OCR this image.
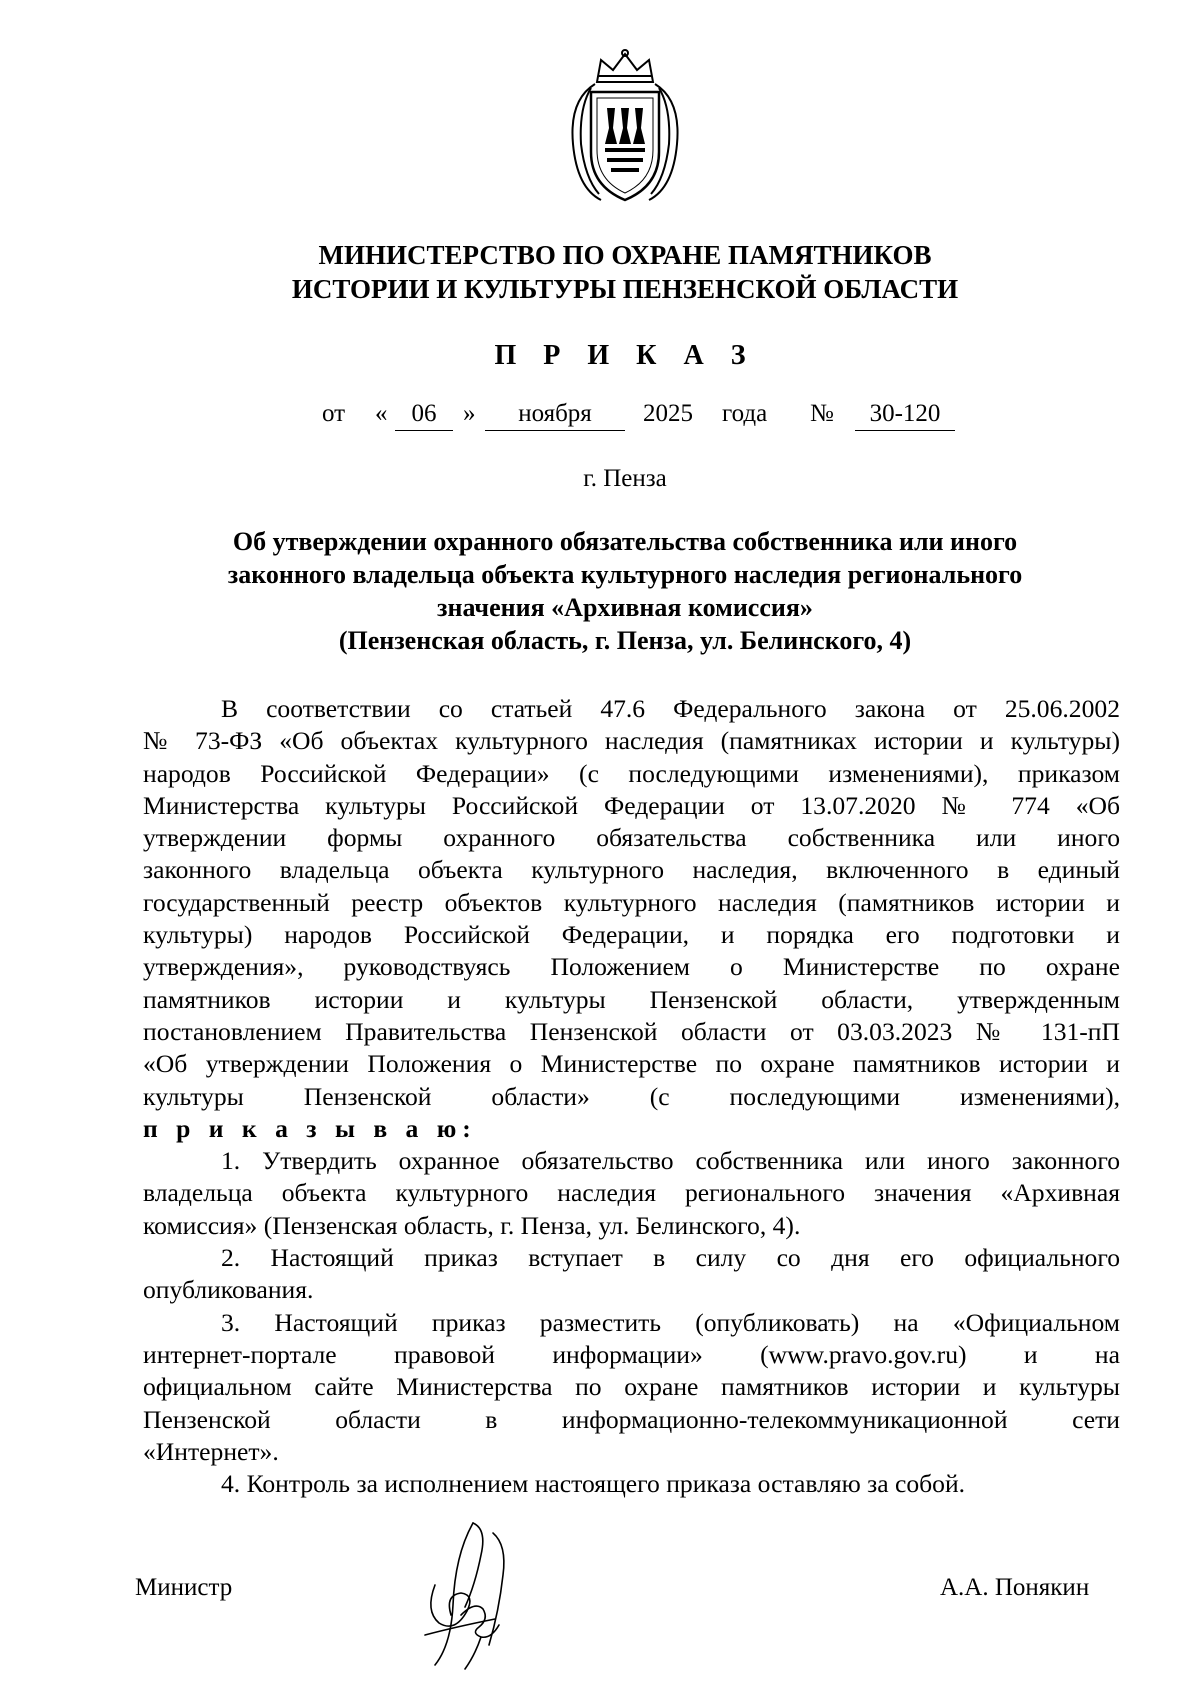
МИНИСТЕРСТВО ПО ОХРАНЕ ПАМЯТНИКОВ
ИСТОРИИ И КУЛЬТУРЫ ПЕНЗЕНСКОЙ ОБЛАСТИ
П Р И К А З
от « 06	»	ноября	2025 года №	30-120
г. Пенза
Об утверждении охранного обязательства собственника или иного
законного владельца объекта культурного наследия регионального
значения «Архивная комиссия»
(Пензенская область, г. Пенза, ул. Белинского, 4)
В соответствии со статьей 47.6 Федерального закона от 25.06.2002
№ 73-ФЗ «Об объектах культурного наследия (памятниках истории и культуры)
народов Российской Федерации» (с последующими изменениями), приказом
Министерства культуры Российской Федерации от 13.07.2020 № 774 «Об
утверждении формы охранного обязательства собственника или иного
законного владельца объекта культурного наследия, включенного в единый
государственный реестр объектов культурного наследия (памятников истории и
культуры) народов Российской Федерации, и порядка его подготовки и
утверждения», руководствуясь Положением о Министерстве по охране
памятников истории и культуры Пензенской области, утвержденным
постановлением Правительства Пензенской области от 03.03.2023 № 131-пП
«Об утверждении Положения о Министерстве по охране памятников истории и
культуры Пензенской области» (с последующими изменениями),
п р и к а з ы в а ю:
1. Утвердить охранное обязательство собственника или иного законного
владельца объекта культурного наследия регионального значения «Архивная
комиссия» (Пензенская область, г. Пенза, ул. Белинского, 4).
2. Настоящий приказ вступает в силу со дня его официального
опубликования.
3. Настоящий приказ разместить (опубликовать) на «Официальном
интернет-портале правовой информации» (www.pravo.gov.ru) и на
официальном сайте Министерства по охране памятников истории и культуры
Пензенской области в информационно-телекоммуникационной сети
«Интернет».
4. Контроль за исполнением настоящего приказа оставляю за собой.
Министр	А.А. Понякин
